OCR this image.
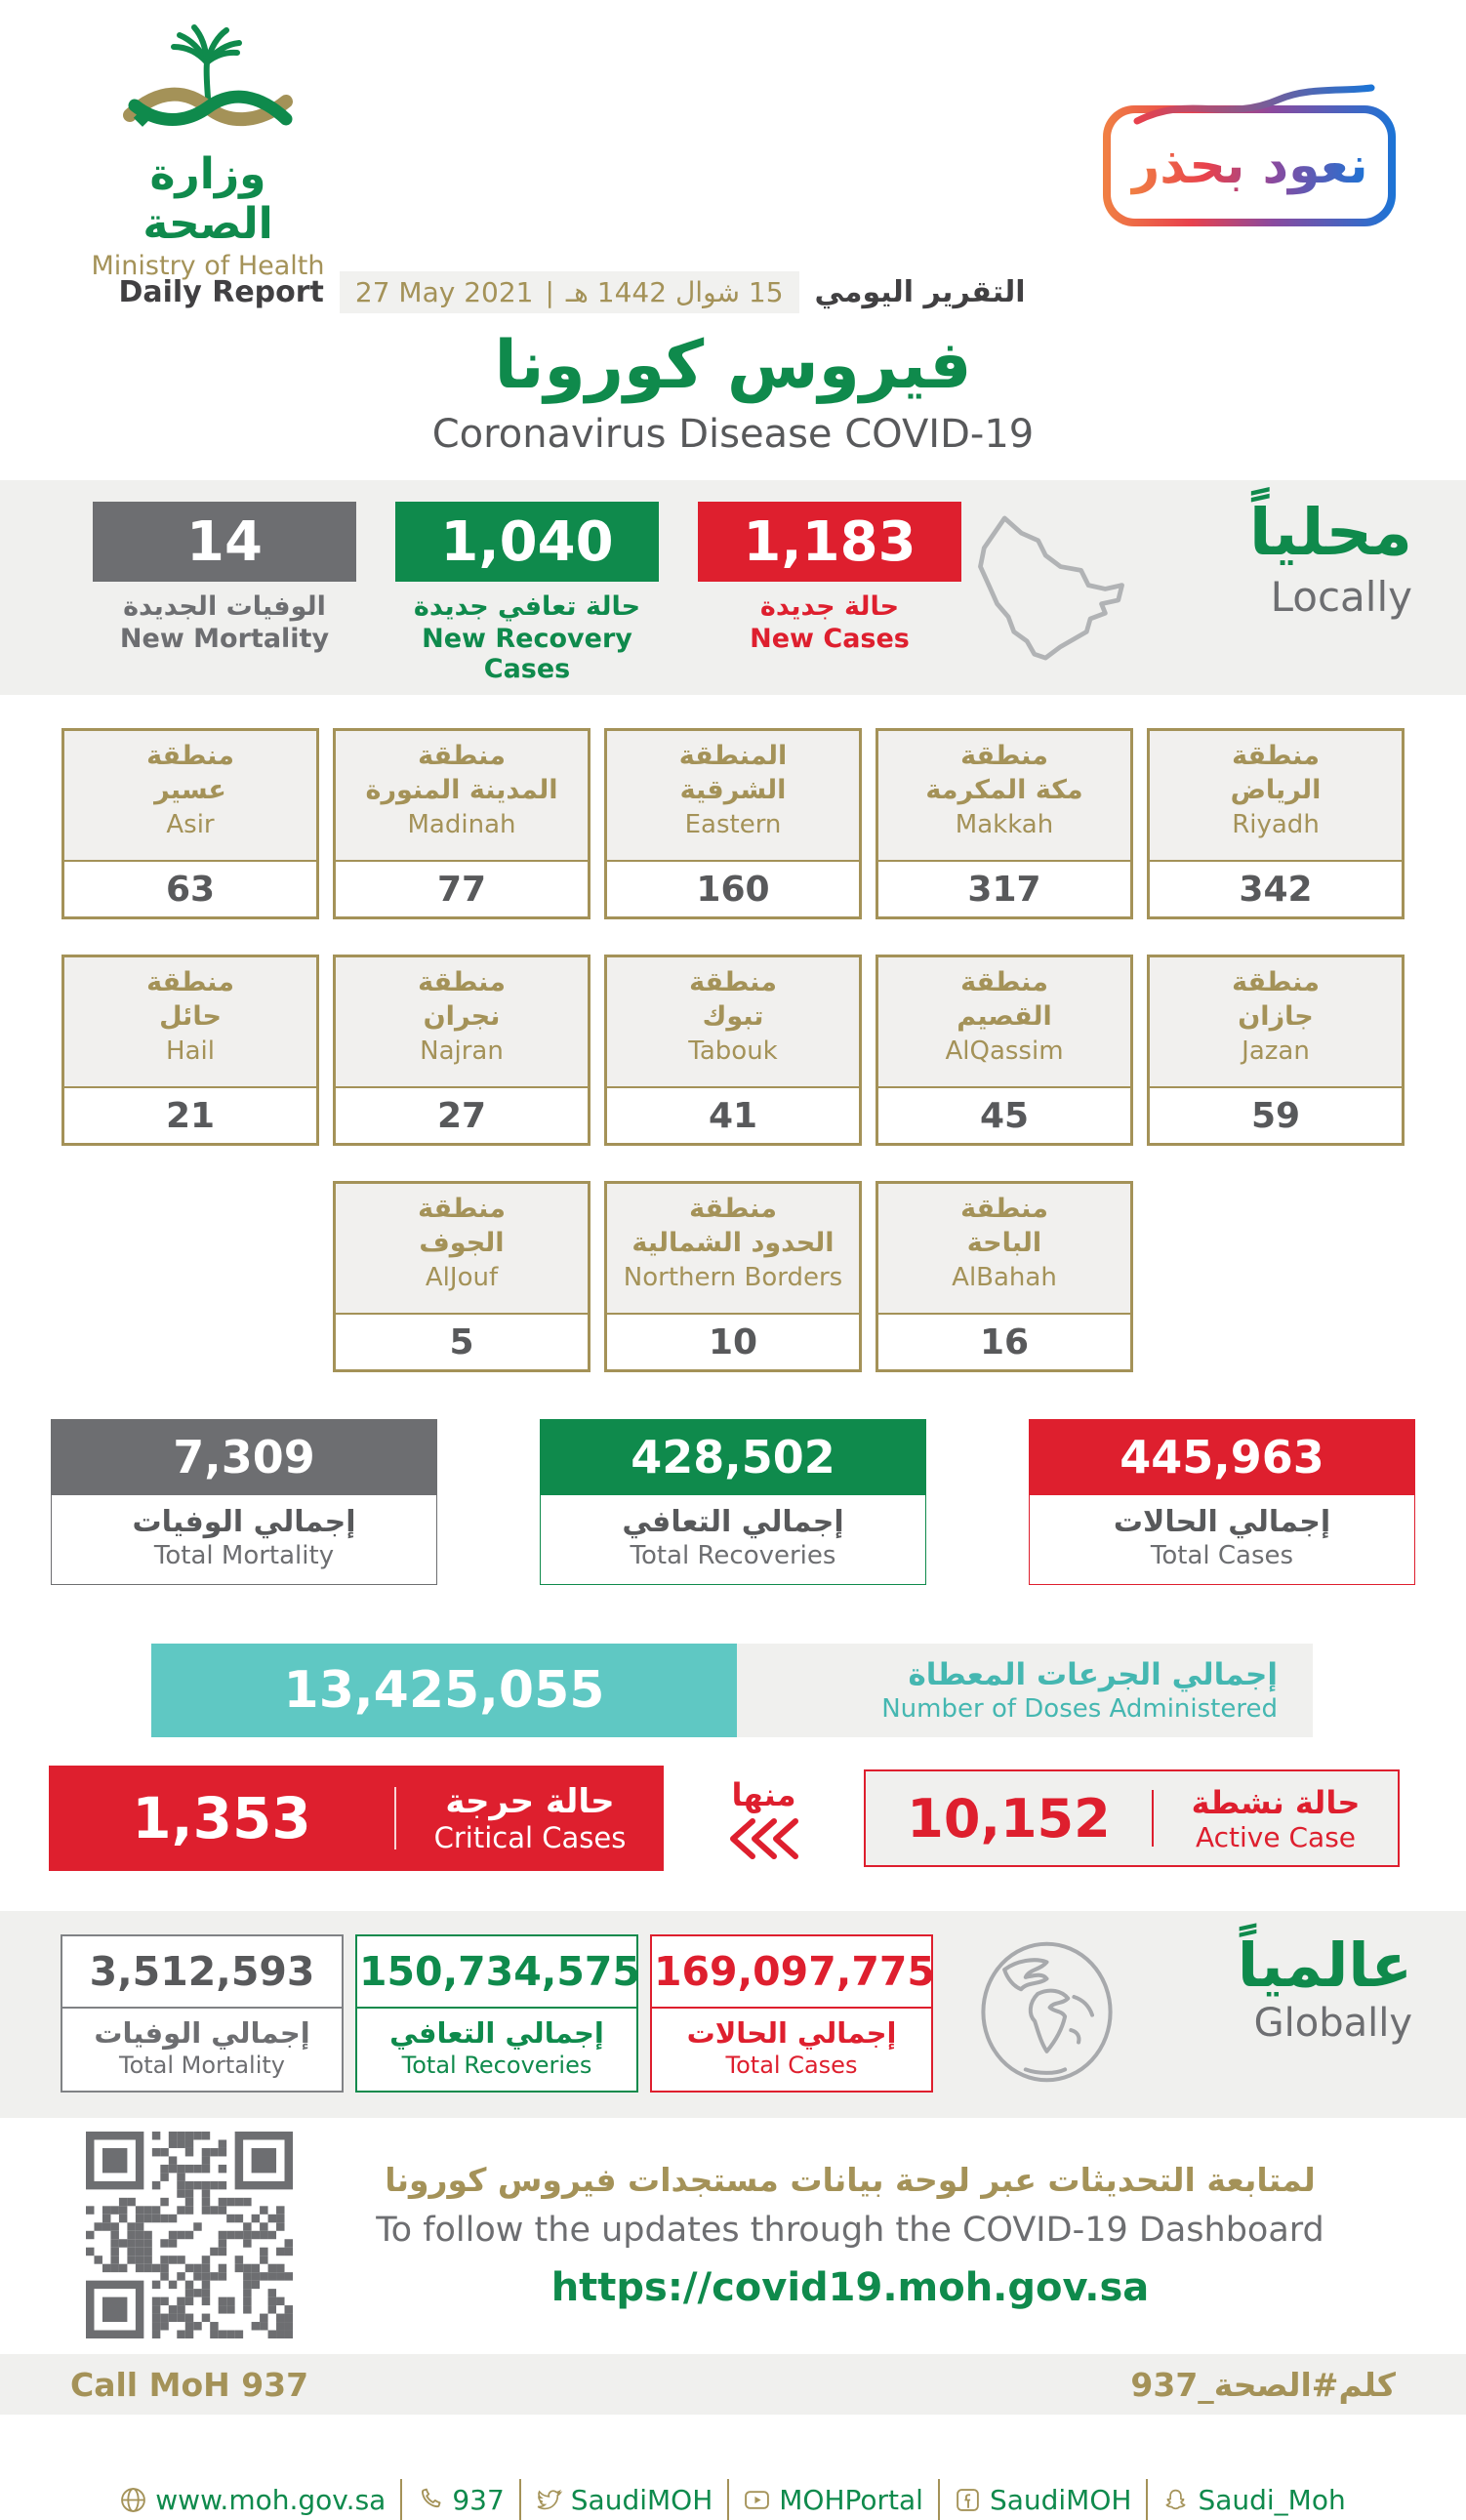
وزارة الصحة
Ministry of Health
نعود بحذر
Daily Report 27 May 2021 | 15 شوال 1442 هـ التقرير اليومي
فيروس كورونا
Coronavirus Disease COVID-19
14
الوفيات الجديدة
New Mortality
1,040
حالة تعافي جديدة
New Recovery Cases
1,183
حالة جديدة
New Cases
محلياً
Locally
منطقة
عسير
Asir
63
منطقة
المدينة المنورة
Madinah
77
المنطقة
الشرقية
Eastern
160
منطقة
مكة المكرمة
Makkah
317
منطقة
الرياض
Riyadh
342
منطقة
حائل
Hail
21
منطقة
نجران
Najran
27
منطقة
تبوك
Tabouk
41
منطقة
القصيم
AlQassim
45
منطقة
جازان
Jazan
59
منطقة
الجوف
AlJouf
5
منطقة
الحدود الشمالية
Northern Borders
10
منطقة
الباحة
AlBahah
16
7,309
إجمالي الوفيات
Total Mortality
428,502
إجمالي التعافي
Total Recoveries
445,963
إجمالي الحالات
Total Cases
13,425,055	إجمالي الجرعات المعطاة
Number of Doses Administered
1,353	حالة حرجة
Critical Cases
منها	10,152	حالة نشطة
Active Case
3,512,593
إجمالي الوفيات
Total Mortality
150,734,575
إجمالي التعافي
Total Recoveries
169,097,775
إجمالي الحالات
Total Cases
عالمياً
Globally
لمتابعة التحديثات عبر لوحة بيانات مستجدات فيروس كورونا
To follow the updates through the COVID-19 Dashboard
https://covid19.moh.gov.sa
Call MoH 937	كلم#الصحة_937
www.moh.gov.sa 937 SaudiMOH MOHPortal SaudiMOH Saudi_Moh
